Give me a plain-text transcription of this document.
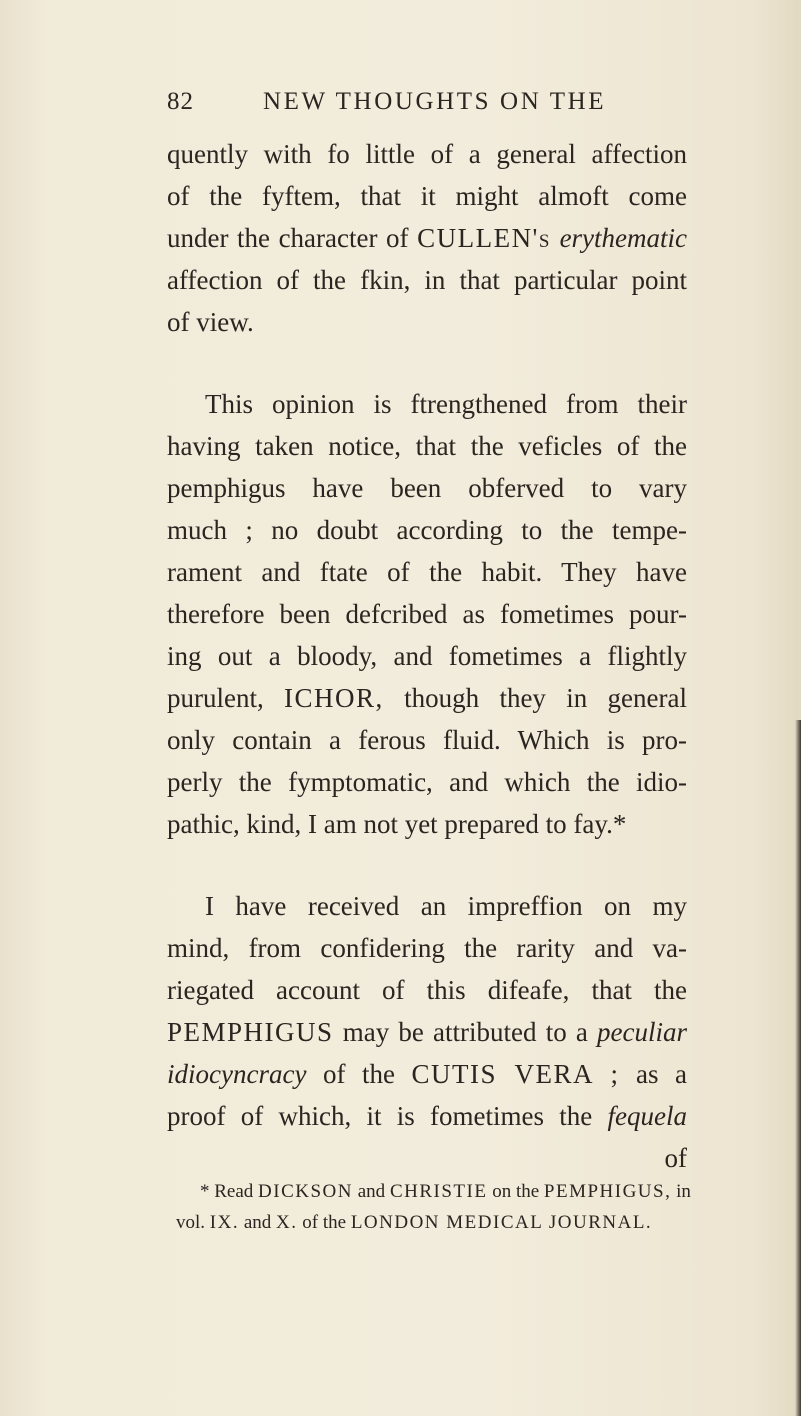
82	NEW THOUGHTS ON THE
quently with fo little of a general affection
of the fyftem, that it might almoft come
under the character of CULLEN's erythematic
affection of the fkin, in that particular point
of view.
This opinion is ftrengthened from their
having taken notice, that the veficles of the
pemphigus have been obferved to vary
much ; no doubt according to the tempe-
rament and ftate of the habit. They have
therefore been defcribed as fometimes pour-
ing out a bloody, and fometimes a flightly
purulent, ICHOR, though they in general
only contain a ferous fluid. Which is pro-
perly the fymptomatic, and which the idio-
pathic, kind, I am not yet prepared to fay.*
I have received an impreffion on my
mind, from confidering the rarity and va-
riegated account of this difeafe, that the
PEMPHIGUS may be attributed to a peculiar
idiocyncracy of the CUTIS VERA ; as a
proof of which, it is fometimes the fequela
of
* Read DICKSON and CHRISTIE on the PEMPHIGUS, in
vol. IX. and X. of the LONDON MEDICAL JOURNAL.
